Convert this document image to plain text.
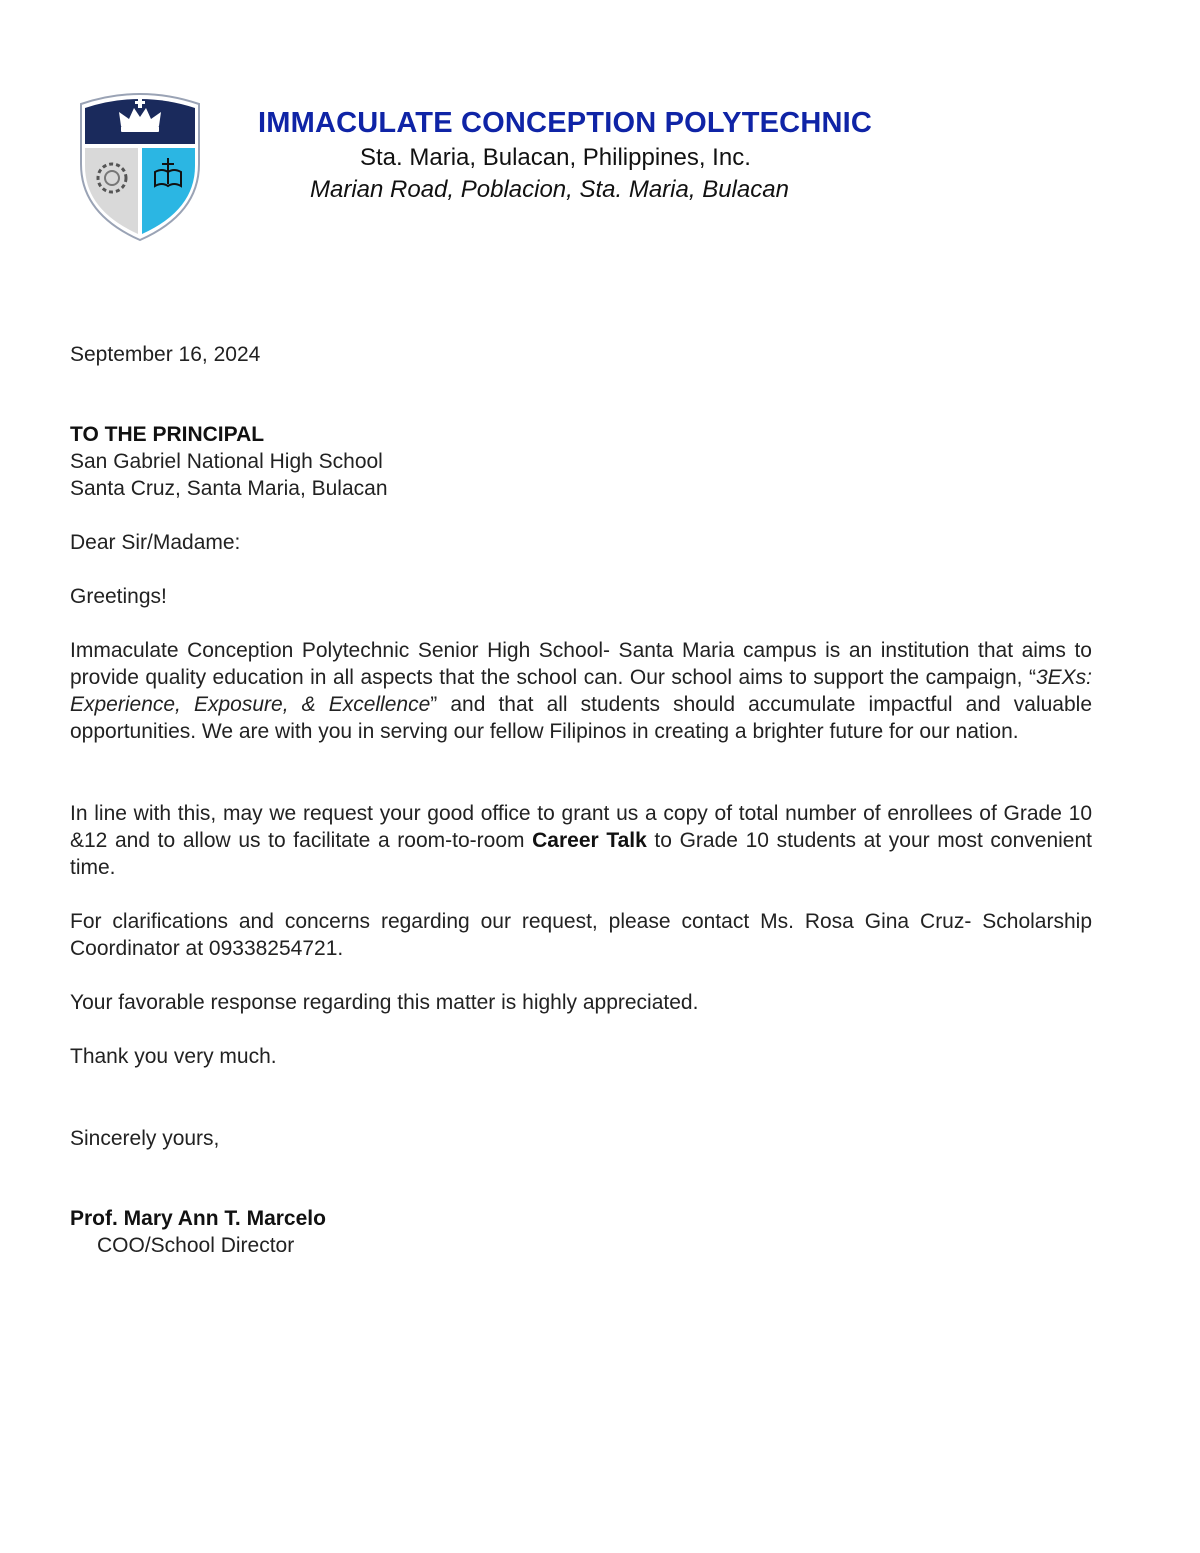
IMMACULATE CONCEPTION POLYTECHNIC
Sta. Maria, Bulacan, Philippines, Inc.
Marian Road, Poblacion, Sta. Maria, Bulacan
September 16, 2024
TO THE PRINCIPAL
San Gabriel National High School
Santa Cruz, Santa Maria, Bulacan
Dear Sir/Madame:
Greetings!

Immaculate Conception Polytechnic Senior High School- Santa Maria campus is an institution that aims to provide quality education in all aspects that the school can. Our school aims to support the campaign, “3EXs: Experience, Exposure, & Excellence” and that all students should accumulate impactful and valuable opportunities. We are with you in serving our fellow Filipinos in creating a brighter future for our nation.

In line with this, may we request your good office to grant us a copy of total number of enrollees of Grade 10 &12 and to allow us to facilitate a room-to-room Career Talk to Grade 10 students at your most convenient time.

For clarifications and concerns regarding our request, please contact Ms. Rosa Gina Cruz- Scholarship Coordinator at 09338254721.

Your favorable response regarding this matter is highly appreciated.
Thank you very much.
Sincerely yours,
Prof. Mary Ann T. Marcelo
COO/School Director
